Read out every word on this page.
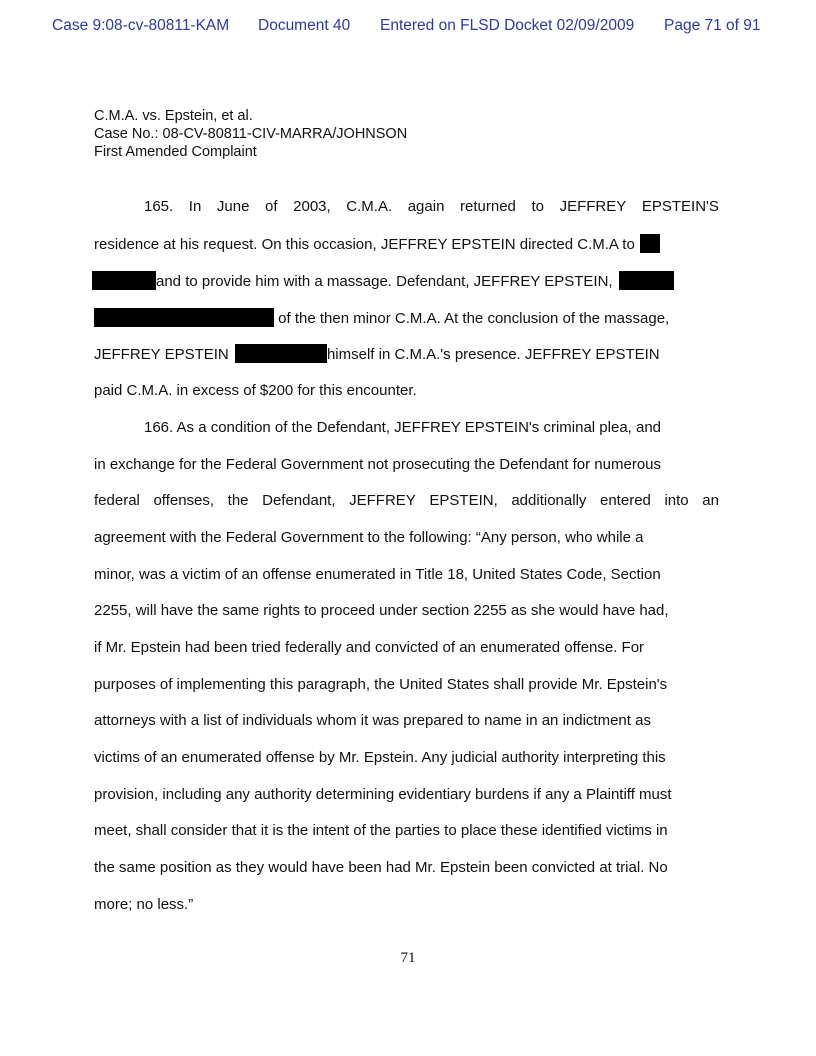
Case 9:08-cv-80811-KAM Document 40 Entered on FLSD Docket 02/09/2009 Page 71 of 91
C.M.A. vs. Epstein, et al.
Case No.: 08-CV-80811-CIV-MARRA/JOHNSON
First Amended Complaint
165. In June of 2003, C.M.A. again returned to JEFFREY EPSTEIN'S
residence at his request. On this occasion, JEFFREY EPSTEIN directed C.M.A to
and to provide him with a massage. Defendant, JEFFREY EPSTEIN,
of the then minor C.M.A. At the conclusion of the massage,
JEFFREY EPSTEIN	himself in C.M.A.'s presence. JEFFREY EPSTEIN
paid C.M.A. in excess of $200 for this encounter.
166. As a condition of the Defendant, JEFFREY EPSTEIN's criminal plea, and
in exchange for the Federal Government not prosecuting the Defendant for numerous
federal offenses, the Defendant, JEFFREY EPSTEIN, additionally entered into an
agreement with the Federal Government to the following: “Any person, who while a
minor, was a victim of an offense enumerated in Title 18, United States Code, Section
2255, will have the same rights to proceed under section 2255 as she would have had,
if Mr. Epstein had been tried federally and convicted of an enumerated offense. For
purposes of implementing this paragraph, the United States shall provide Mr. Epstein's
attorneys with a list of individuals whom it was prepared to name in an indictment as
victims of an enumerated offense by Mr. Epstein. Any judicial authority interpreting this
provision, including any authority determining evidentiary burdens if any a Plaintiff must
meet, shall consider that it is the intent of the parties to place these identified victims in
the same position as they would have been had Mr. Epstein been convicted at trial. No
more; no less.”
71
